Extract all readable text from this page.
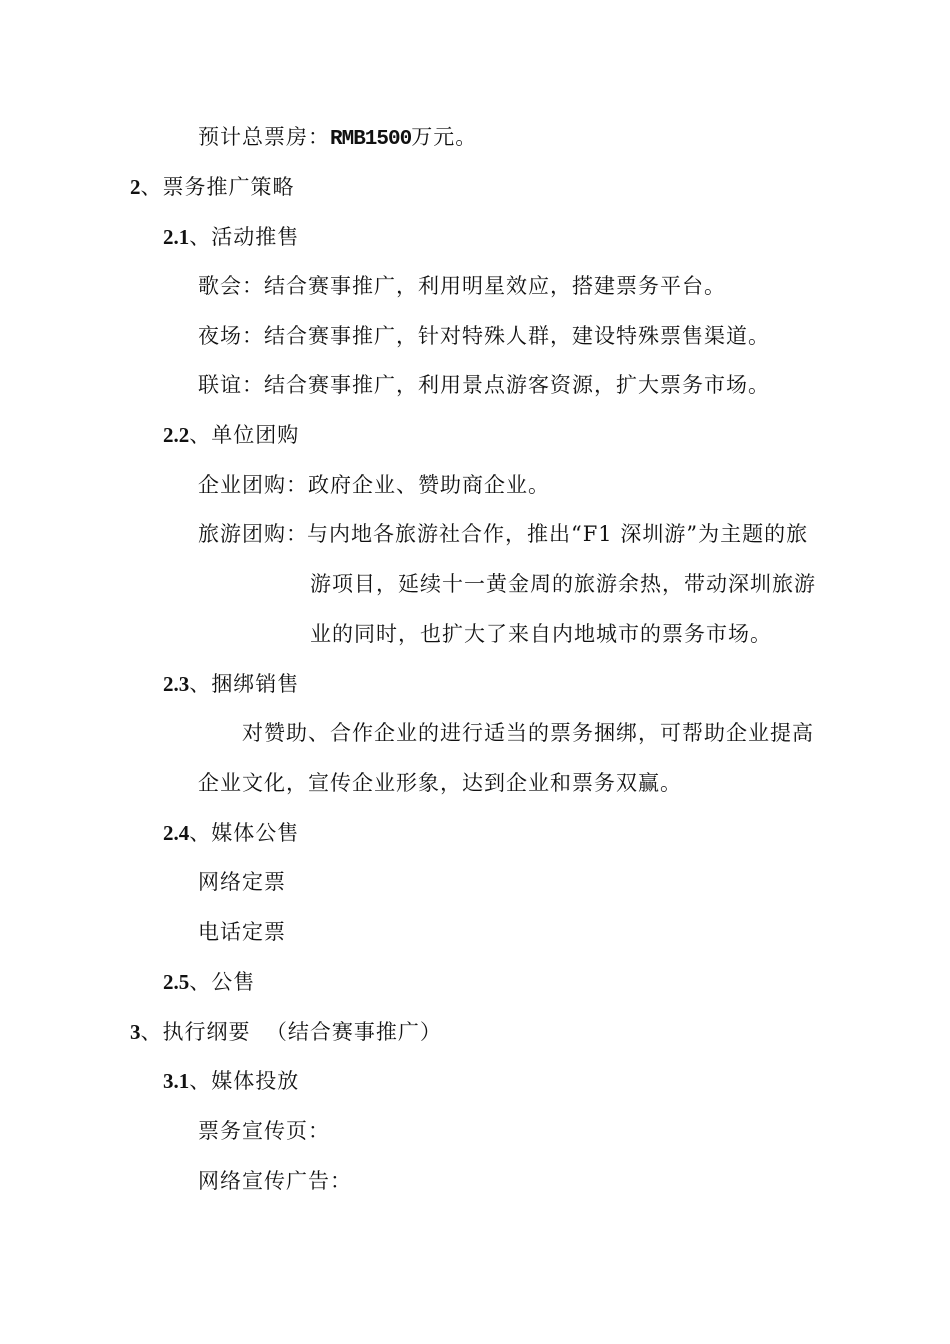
预计总票房：RMB1500万元。
2、票务推广策略
2.1、活动推售
歌会：结合赛事推广，利用明星效应，搭建票务平台。
夜场：结合赛事推广，针对特殊人群，建设特殊票售渠道。
联谊：结合赛事推广，利用景点游客资源，扩大票务市场。
2.2、单位团购
企业团购：政府企业、赞助商企业。
旅游团购： 与内地各旅游社合作，推出“F1 深圳游”为主题的旅
游项目，延续十一黄金周的旅游余热，带动深圳旅游
业的同时，也扩大了来自内地城市的票务市场。
2.3、捆绑销售
对赞助、合作企业的进行适当的票务捆绑，可帮助企业提高
企业文化，宣传企业形象，达到企业和票务双赢。
2.4、媒体公售
网络定票
电话定票
2.5、公售
3、执行纲要  （结合赛事推广）
3.1、媒体投放
票务宣传页：
网络宣传广告：
